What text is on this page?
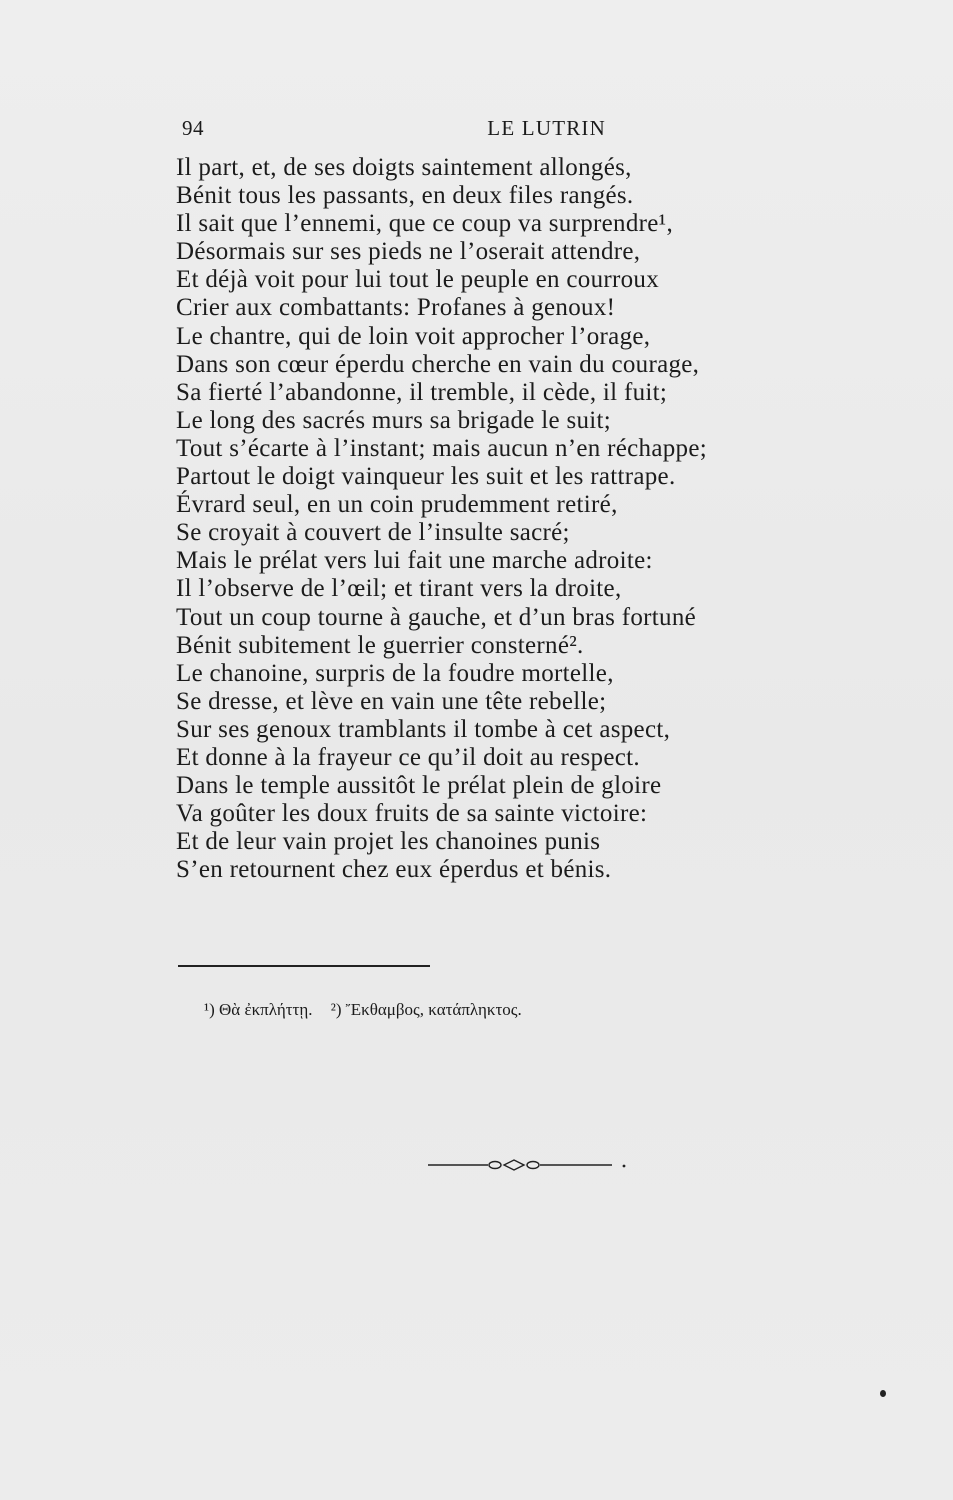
94	LE LUTRIN
Il part, et, de ses doigts saintement allongés,
Bénit tous les passants, en deux files rangés.
Il sait que l’ennemi, que ce coup va surprendre¹,
Désormais sur ses pieds ne l’oserait attendre,
Et déjà voit pour lui tout le peuple en courroux
Crier aux combattants: Profanes à genoux!
Le chantre, qui de loin voit approcher l’orage,
Dans son cœur éperdu cherche en vain du courage,
Sa fierté l’abandonne, il tremble, il cède, il fuit;
Le long des sacrés murs sa brigade le suit;
Tout s’écarte à l’instant; mais aucun n’en réchappe;
Partout le doigt vainqueur les suit et les rattrape.
Évrard seul, en un coin prudemment retiré,
Se croyait à couvert de l’insulte sacré;
Mais le prélat vers lui fait une marche adroite:
Il l’observe de l’œil; et tirant vers la droite,
Tout un coup tourne à gauche, et d’un bras fortuné
Bénit subitement le guerrier consterné².
Le chanoine, surpris de la foudre mortelle,
Se dresse, et lève en vain une tête rebelle;
Sur ses genoux tramblants il tombe à cet aspect,
Et donne à la frayeur ce qu’il doit au respect.
Dans le temple aussitôt le prélat plein de gloire
Va goûter les doux fruits de sa sainte victoire:
Et de leur vain projet les chanoines punis
S’en retournent chez eux éperdus et bénis.
¹) Θὰ ἐκπλήττῃ. ²) Ἔκθαμβος, κατάπληκτος.
